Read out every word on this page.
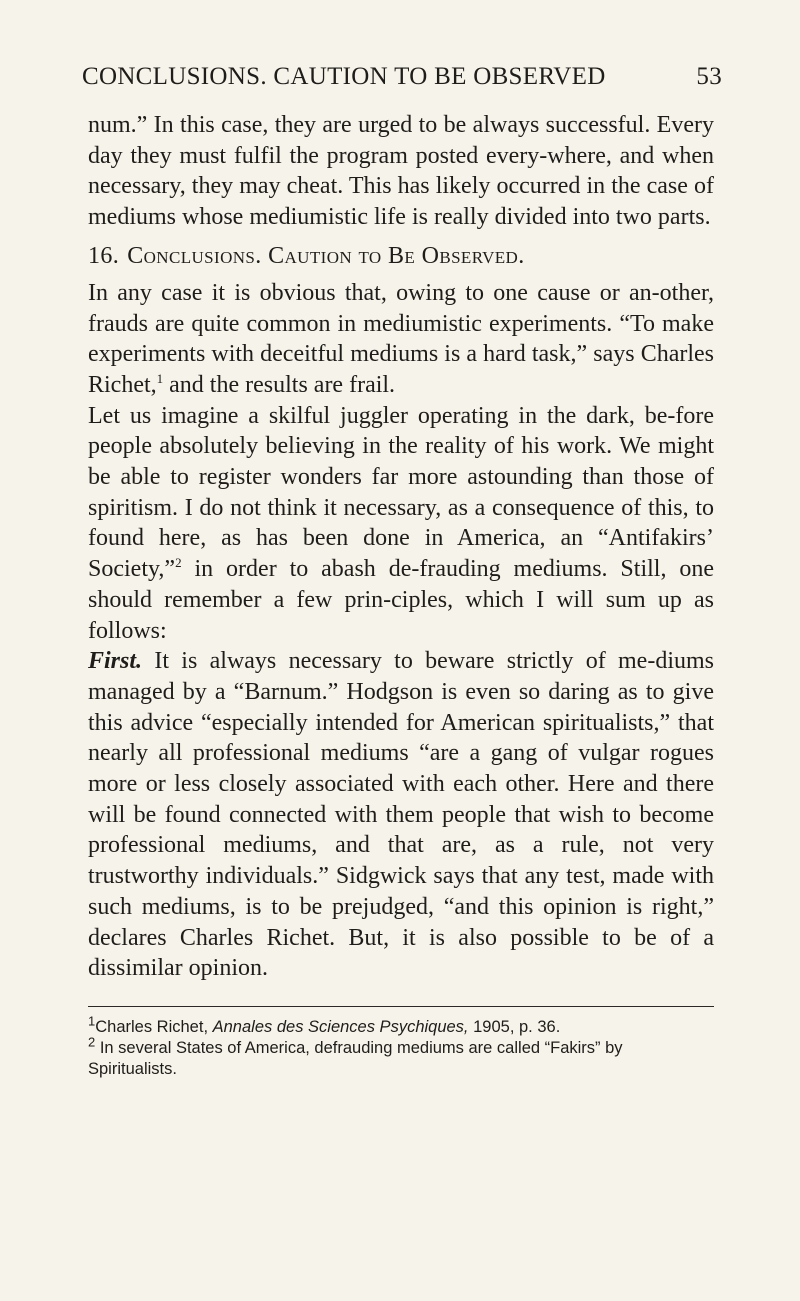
CONCLUSIONS. CAUTION TO BE OBSERVED	53

num.” In this case, they are urged to be always successful. Every day they must fulfil the program posted every-where, and when necessary, they may cheat. This has likely occurred in the case of mediums whose mediumistic life is really divided into two parts.

16. Conclusions. Caution to Be Observed.

In any case it is obvious that, owing to one cause or an-other, frauds are quite common in mediumistic experiments. “To make experiments with deceitful mediums is a hard task,” says Charles Richet,$^1$ and the results are frail.

Let us imagine a skilful juggler operating in the dark, be-fore people absolutely believing in the reality of his work. We might be able to register wonders far more astounding than those of spiritism. I do not think it necessary, as a consequence of this, to found here, as has been done in America, an “Antifakirs’ Society,”$^2$ in order to abash de-frauding mediums. Still, one should remember a few prin-ciples, which I will sum up as follows:

First. It is always necessary to beware strictly of me-diums managed by a “Barnum.” Hodgson is even so daring as to give this advice “especially intended for American spiritualists,” that nearly all professional mediums “are a gang of vulgar rogues more or less closely associated with each other. Here and there will be found connected with them people that wish to become professional mediums, and that are, as a rule, not very trustworthy individuals.” Sidgwick says that any test, made with such mediums, is to be prejudged, “and this opinion is right,” declares Charles Richet. But, it is also possible to be of a dissimilar opinion.

$^1$Charles Richet, Annales des Sciences Psychiques, 1905, p. 36.

$^2$ In several States of America, defrauding mediums are called “Fakirs” by Spiritualists.
